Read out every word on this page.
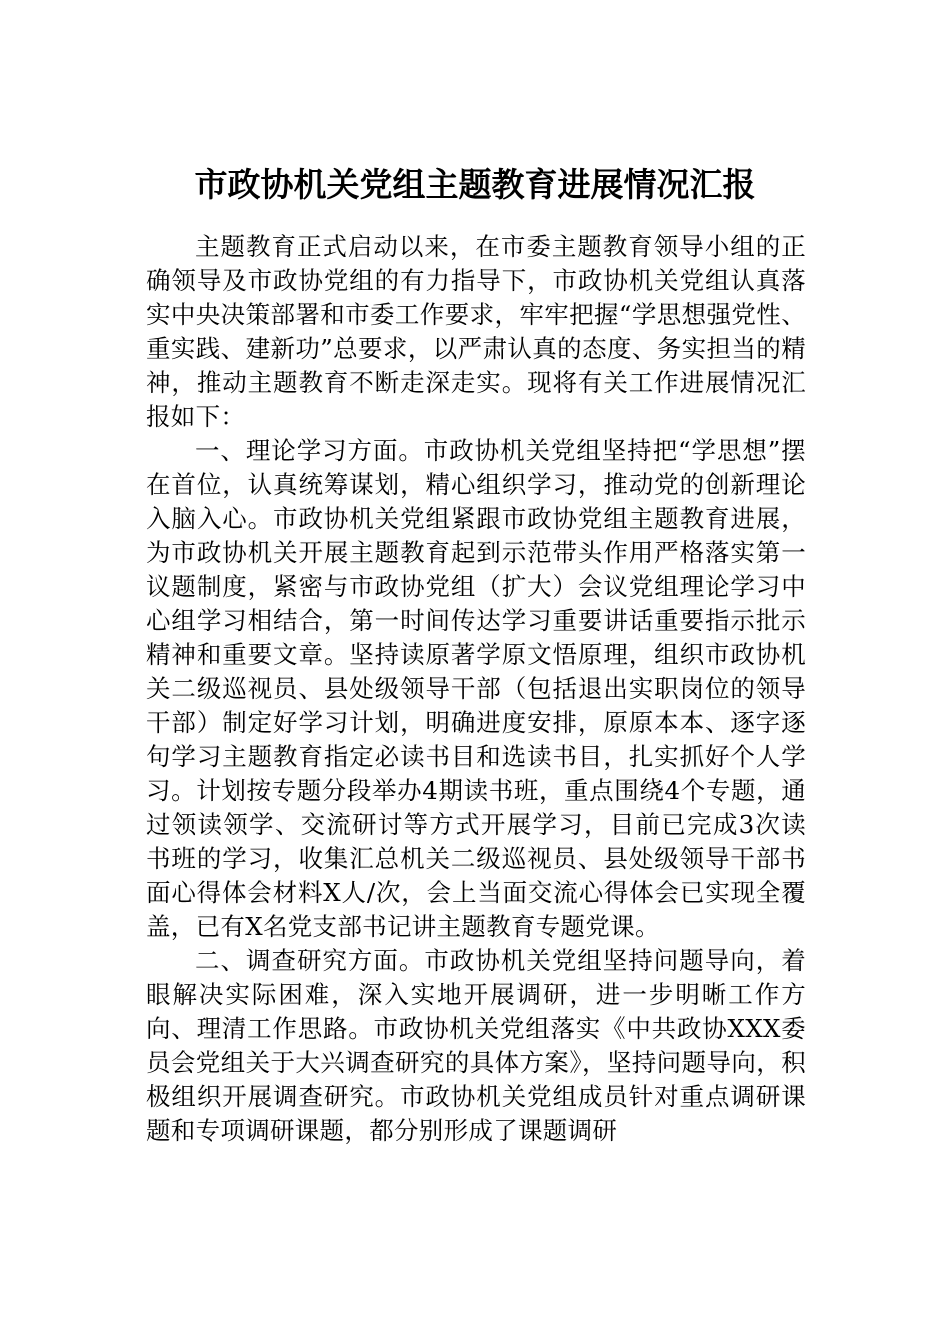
市政协机关党组主题教育进展情况汇报

主题教育正式启动以来，在市委主题教育领导小组的正确领导及市政协党组的有力指导下，市政协机关党组认真落实中央决策部署和市委工作要求，牢牢把握“学思想强党性、重实践、建新功”总要求，以严肃认真的态度、务实担当的精神，推动主题教育不断走深走实。现将有关工作进展情况汇报如下：

一、理论学习方面。市政协机关党组坚持把“学思想”摆在首位，认真统筹谋划，精心组织学习，推动党的创新理论入脑入心。市政协机关党组紧跟市政协党组主题教育进展，为市政协机关开展主题教育起到示范带头作用严格落实第一议题制度，紧密与市政协党组（扩大）会议党组理论学习中心组学习相结合，第一时间传达学习重要讲话重要指示批示精神和重要文章。坚持读原著学原文悟原理，组织市政协机关二级巡视员、县处级领导干部（包括退出实职岗位的领导干部）制定好学习计划，明确进度安排，原原本本、逐字逐句学习主题教育指定必读书目和选读书目，扎实抓好个人学习。计划按专题分段举办4期读书班，重点围绕4个专题，通过领读领学、交流研讨等方式开展学习，目前已完成3次读书班的学习，收集汇总机关二级巡视员、县处级领导干部书面心得体会材料X人/次，会上当面交流心得体会已实现全覆盖，已有X名党支部书记讲主题教育专题党课。

二、调查研究方面。市政协机关党组坚持问题导向，着眼解决实际困难，深入实地开展调研，进一步明晰工作方向、理清工作思路。市政协机关党组落实《中共政协XXX委员会党组关于大兴调查研究的具体方案》，坚持问题导向，积极组织开展调查研究。市政协机关党组成员针对重点调研课题和专项调研课题，都分别形成了课题调研
